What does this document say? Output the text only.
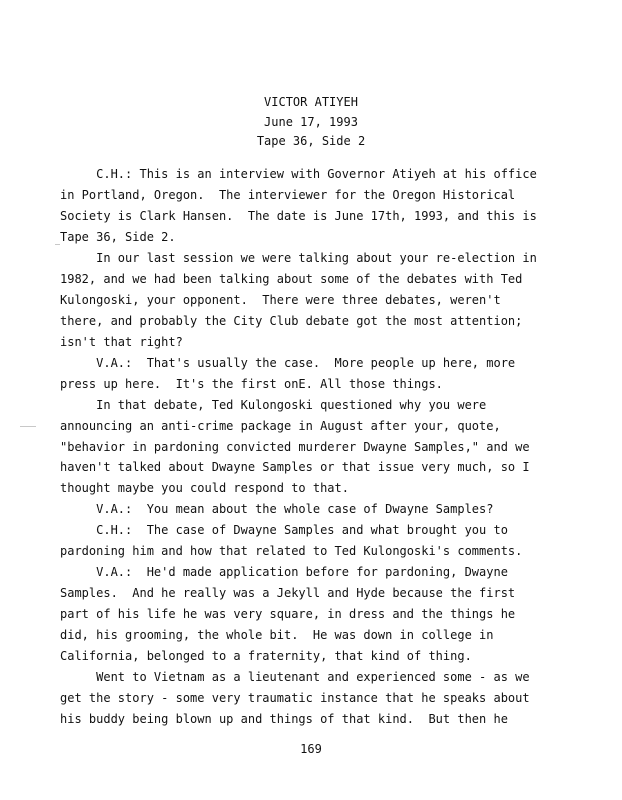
VICTOR ATIYEH
June 17, 1993
Tape 36, Side 2
C.H.: This is an interview with Governor Atiyeh at his office
in Portland, Oregon.  The interviewer for the Oregon Historical
Society is Clark Hansen.  The date is June 17th, 1993, and this is
Tape 36, Side 2.
In our last session we were talking about your re-election in
1982, and we had been talking about some of the debates with Ted
Kulongoski, your opponent.  There were three debates, weren't
there, and probably the City Club debate got the most attention;
isn't that right?
V.A.:  That's usually the case.  More people up here, more
press up here.  It's the first onE. All those things.
In that debate, Ted Kulongoski questioned why you were
announcing an anti-crime package in August after your, quote,
"behavior in pardoning convicted murderer Dwayne Samples," and we
haven't talked about Dwayne Samples or that issue very much, so I
thought maybe you could respond to that.
V.A.:  You mean about the whole case of Dwayne Samples?
C.H.:  The case of Dwayne Samples and what brought you to
pardoning him and how that related to Ted Kulongoski's comments.
V.A.:  He'd made application before for pardoning, Dwayne
Samples.  And he really was a Jekyll and Hyde because the first
part of his life he was very square, in dress and the things he
did, his grooming, the whole bit.  He was down in college in
California, belonged to a fraternity, that kind of thing.
Went to Vietnam as a lieutenant and experienced some - as we
get the story - some very traumatic instance that he speaks about
his buddy being blown up and things of that kind.  But then he
169
